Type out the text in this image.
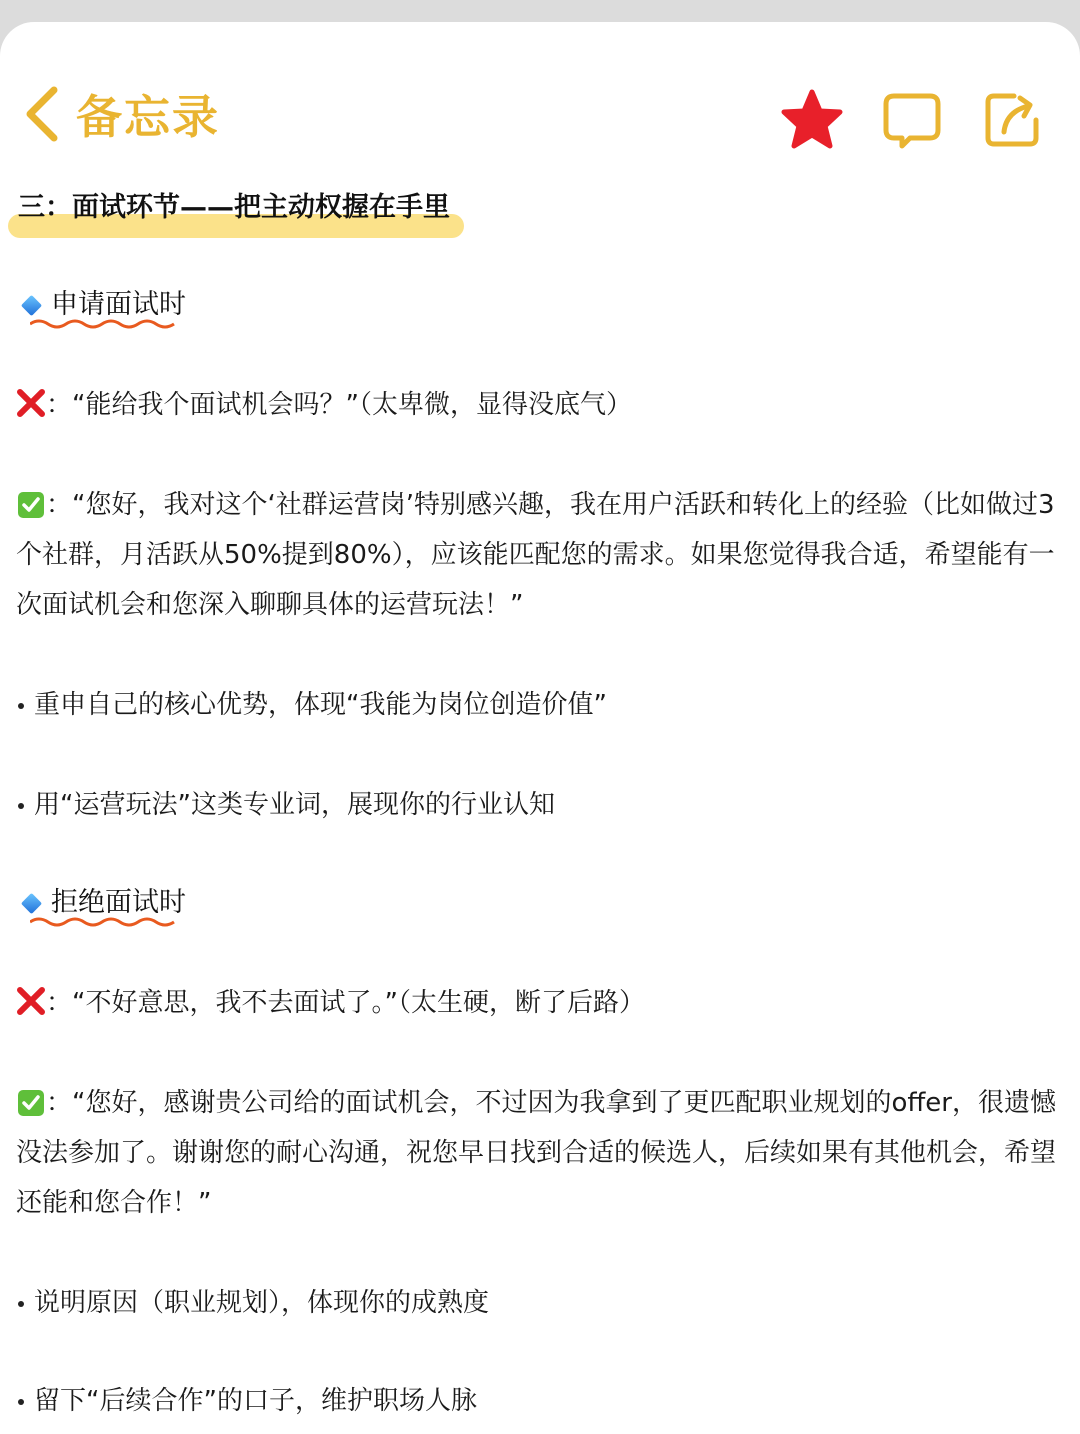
备忘录
三：面试环节——把主动权握在手里
申请面试时
：“能给我个面试机会吗？”（太卑微，显得没底气）
：“您好，我对这个‘社群运营岗’特别感兴趣，我在用户活跃和转化上的经验（比如做过3个社群，月活跃从50%提到80%），应该能匹配您的需求。如果您觉得我合适，希望能有一次面试机会和您深入聊聊具体的运营玩法！”
重申自己的核心优势，体现“我能为岗位创造价值”
用“运营玩法”这类专业词，展现你的行业认知
拒绝面试时
：“不好意思，我不去面试了。”（太生硬，断了后路）
：“您好，感谢贵公司给的面试机会，不过因为我拿到了更匹配职业规划的offer，很遗憾没法参加了。谢谢您的耐心沟通，祝您早日找到合适的候选人，后续如果有其他机会，希望还能和您合作！”
说明原因（职业规划），体现你的成熟度
留下“后续合作”的口子，维护职场人脉
